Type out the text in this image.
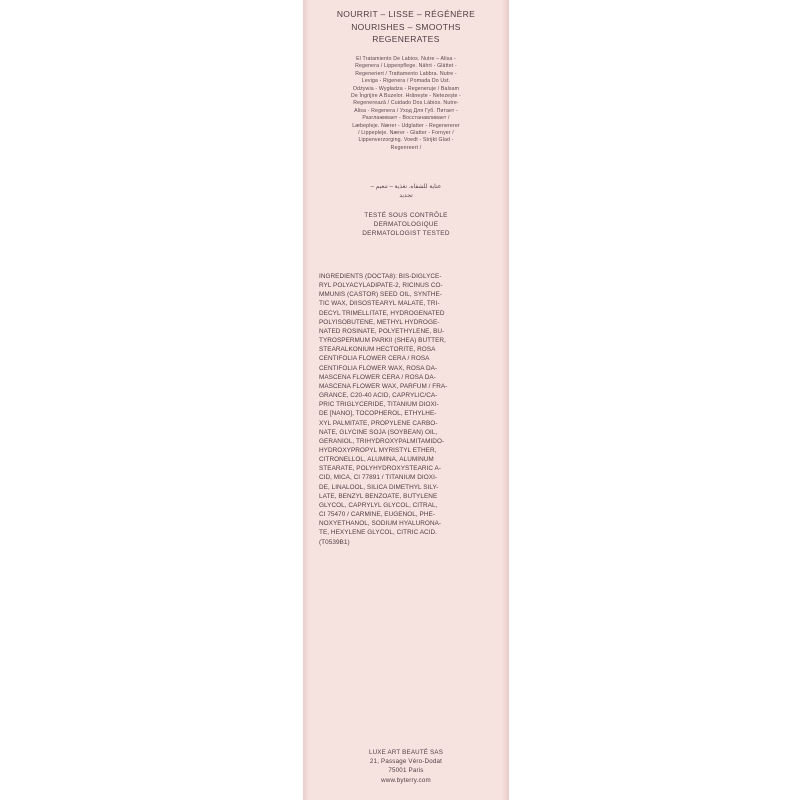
NOURRIT – LISSE – RÉGÉNÈRE
NOURISHES – SMOOTHS
REGENERATES
El Tratamiento De Labios. Nutre – Alisa -
Regenera / Lippenpflege. Nährt - Glättet -
Regeneriert / Trattamento Labbra. Nutre -
Leviga - Rigenera / Pomada Do Ust.
Odżywia - Wygładza - Regeneruje / Balsam
De Îngrijire A Buzelor. Hrănește - Netezește -
Regenerează / Cuidado Dos Lábios. Nutre-
Alisa - Regenera / Уход Для Губ. Питает -
Разглаживает - Восстанавливает /
Læbepleje. Nærer - Udglatter - Regenererer
/ Lippepleje. Nærer - Glatter - Fornyer /
Lippenverzorging. Voedt - Strijkt Glad -
Regenreert /
عناية للشفاه. تغذية – تنعيم –
تجديد
TESTÉ SOUS CONTRÔLE
DERMATOLOGIQUE
DERMATOLOGIST TESTED
INGREDIENTS (DOCTA8): BIS-DIGLYCE-
RYL POLYACYLADIPATE-2, RICINUS CO-
MMUNIS (CASTOR) SEED OIL, SYNTHE-
TIC WAX, DIISOSTEARYL MALATE, TRI-
DECYL TRIMELLITATE, HYDROGENATED
POLYISOBUTENE, METHYL HYDROGE-
NATED ROSINATE, POLYETHYLENE, BU-
TYROSPERMUM PARKII (SHEA) BUTTER,
STEARALKONIUM HECTORITE, ROSA
CENTIFOLIA FLOWER CERA / ROSA
CENTIFOLIA FLOWER WAX, ROSA DA-
MASCENA FLOWER CERA / ROSA DA-
MASCENA FLOWER WAX, PARFUM / FRA-
GRANCE, C20-40 ACID, CAPRYLIC/CA-
PRIC TRIGLYCERIDE, TITANIUM DIOXI-
DE [NANO], TOCOPHEROL, ETHYLHE-
XYL PALMITATE, PROPYLENE CARBO-
NATE, GLYCINE SOJA (SOYBEAN) OIL,
GERANIOL, TRIHYDROXYPALMITAMIDO-
HYDROXYPROPYL MYRISTYL ETHER,
CITRONELLOL, ALUMINA, ALUMINUM
STEARATE, POLYHYDROXYSTEARIC A-
CID, MICA, CI 77891 / TITANIUM DIOXI-
DE, LINALOOL, SILICA DIMETHYL SILY-
LATE, BENZYL BENZOATE, BUTYLENE
GLYCOL, CAPRYLYL GLYCOL, CITRAL,
CI 75470 / CARMINE, EUGENOL, PHE-
NOXYETHANOL, SODIUM HYALURONA-
TE, HEXYLENE GLYCOL, CITRIC ACID.
(T0539B1)
LUXE ART BEAUTÉ SAS
21, Passage Véro-Dodat
75001 Paris
www.byterry.com
